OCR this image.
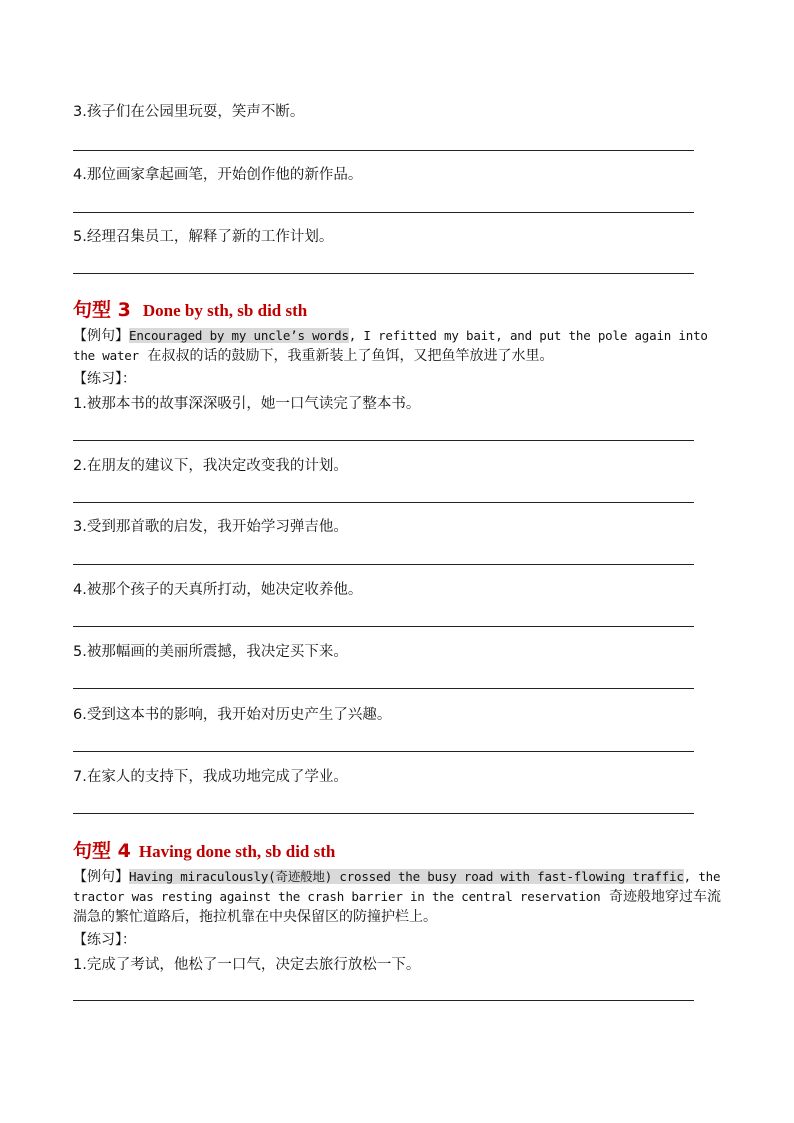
3.孩子们在公园里玩耍，笑声不断。
4.那位画家拿起画笔，开始创作他的新作品。
5.经理召集员工，解释了新的工作计划。
句型 3 Done by sth, sb did sth
【例句】Encouraged by my uncle’s words, I refitted my bait, and put the pole again into the water 在叔叔的话的鼓励下，我重新装上了鱼饵，又把鱼竿放进了水里。
【练习】：
1.被那本书的故事深深吸引，她一口气读完了整本书。
2.在朋友的建议下，我决定改变我的计划。
3.受到那首歌的启发，我开始学习弹吉他。
4.被那个孩子的天真所打动，她决定收养他。
5.被那幅画的美丽所震撼，我决定买下来。
6.受到这本书的影响，我开始对历史产生了兴趣。
7.在家人的支持下，我成功地完成了学业。
句型 4 Having done sth, sb did sth
【例句】Having miraculously(奇迹般地) crossed the busy road with fast-flowing traffic, the tractor was resting against the crash barrier in the central reservation 奇迹般地穿过车流湍急的繁忙道路后，拖拉机靠在中央保留区的防撞护栏上。
【练习】：
1.完成了考试，他松了一口气，决定去旅行放松一下。
